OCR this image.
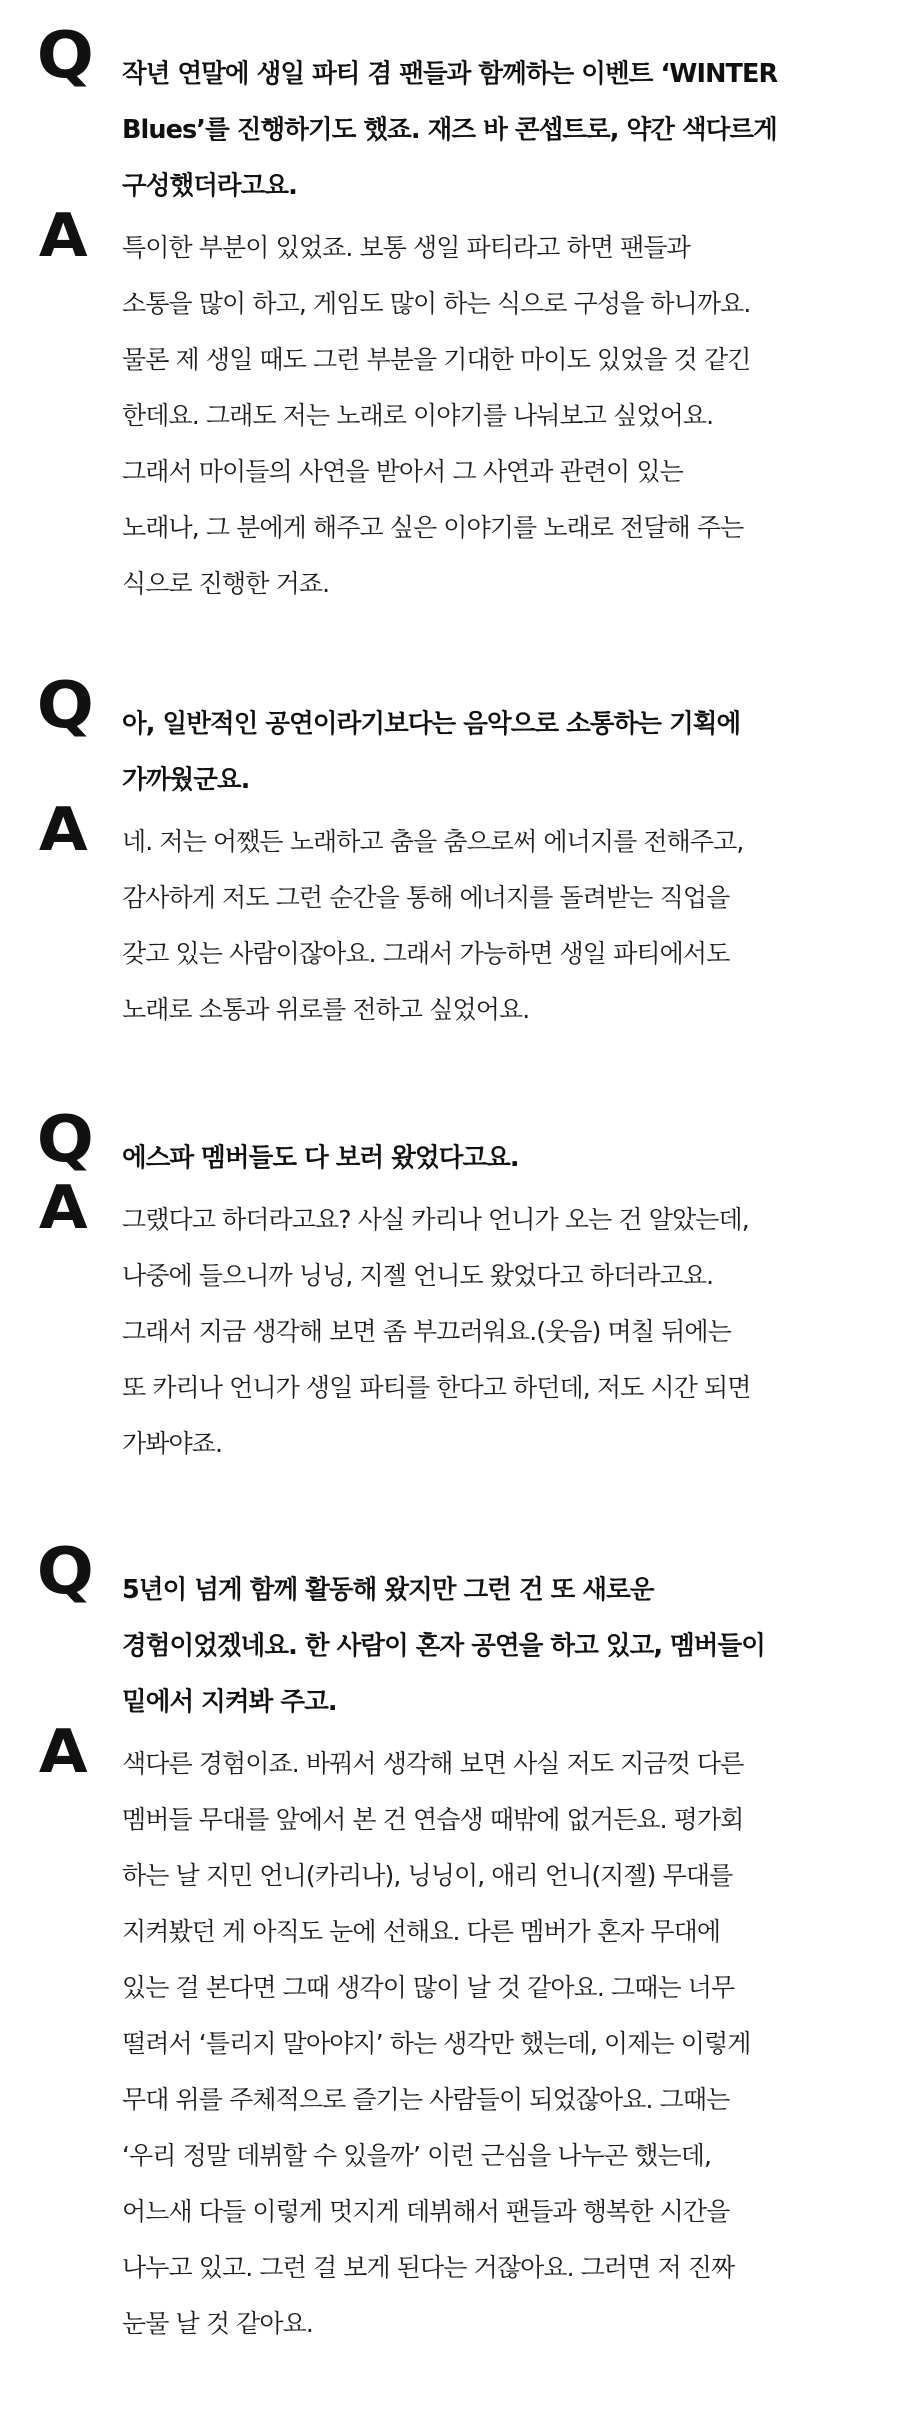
Q 작년 연말에 생일 파티 겸 팬들과 함께하는 이벤트 ‘WINTER
Blues’를 진행하기도 했죠. 재즈 바 콘셉트로, 약간 색다르게
구성했더라고요.

A 특이한 부분이 있었죠. 보통 생일 파티라고 하면 팬들과
소통을 많이 하고, 게임도 많이 하는 식으로 구성을 하니까요.
물론 제 생일 때도 그런 부분을 기대한 마이도 있었을 것 같긴
한데요. 그래도 저는 노래로 이야기를 나눠보고 싶었어요.
그래서 마이들의 사연을 받아서 그 사연과 관련이 있는
노래나, 그 분에게 해주고 싶은 이야기를 노래로 전달해 주는
식으로 진행한 거죠.

Q 아, 일반적인 공연이라기보다는 음악으로 소통하는 기획에
가까웠군요.

A 네. 저는 어쨌든 노래하고 춤을 춤으로써 에너지를 전해주고,
감사하게 저도 그런 순간을 통해 에너지를 돌려받는 직업을
갖고 있는 사람이잖아요. 그래서 가능하면 생일 파티에서도
노래로 소통과 위로를 전하고 싶었어요.

Q 에스파 멤버들도 다 보러 왔었다고요.

A 그랬다고 하더라고요? 사실 카리나 언니가 오는 건 알았는데,
나중에 들으니까 닝닝, 지젤 언니도 왔었다고 하더라고요.
그래서 지금 생각해 보면 좀 부끄러워요.(웃음) 며칠 뒤에는
또 카리나 언니가 생일 파티를 한다고 하던데, 저도 시간 되면
가봐야죠.

Q 5년이 넘게 함께 활동해 왔지만 그런 건 또 새로운
경험이었겠네요. 한 사람이 혼자 공연을 하고 있고, 멤버들이
밑에서 지켜봐 주고.

A 색다른 경험이죠. 바꿔서 생각해 보면 사실 저도 지금껏 다른
멤버들 무대를 앞에서 본 건 연습생 때밖에 없거든요. 평가회
하는 날 지민 언니(카리나), 닝닝이, 애리 언니(지젤) 무대를
지켜봤던 게 아직도 눈에 선해요. 다른 멤버가 혼자 무대에
있는 걸 본다면 그때 생각이 많이 날 것 같아요. 그때는 너무
떨려서 ‘틀리지 말아야지’ 하는 생각만 했는데, 이제는 이렇게
무대 위를 주체적으로 즐기는 사람들이 되었잖아요. 그때는
‘우리 정말 데뷔할 수 있을까’ 이런 근심을 나누곤 했는데,
어느새 다들 이렇게 멋지게 데뷔해서 팬들과 행복한 시간을
나누고 있고. 그런 걸 보게 된다는 거잖아요. 그러면 저 진짜
눈물 날 것 같아요.
